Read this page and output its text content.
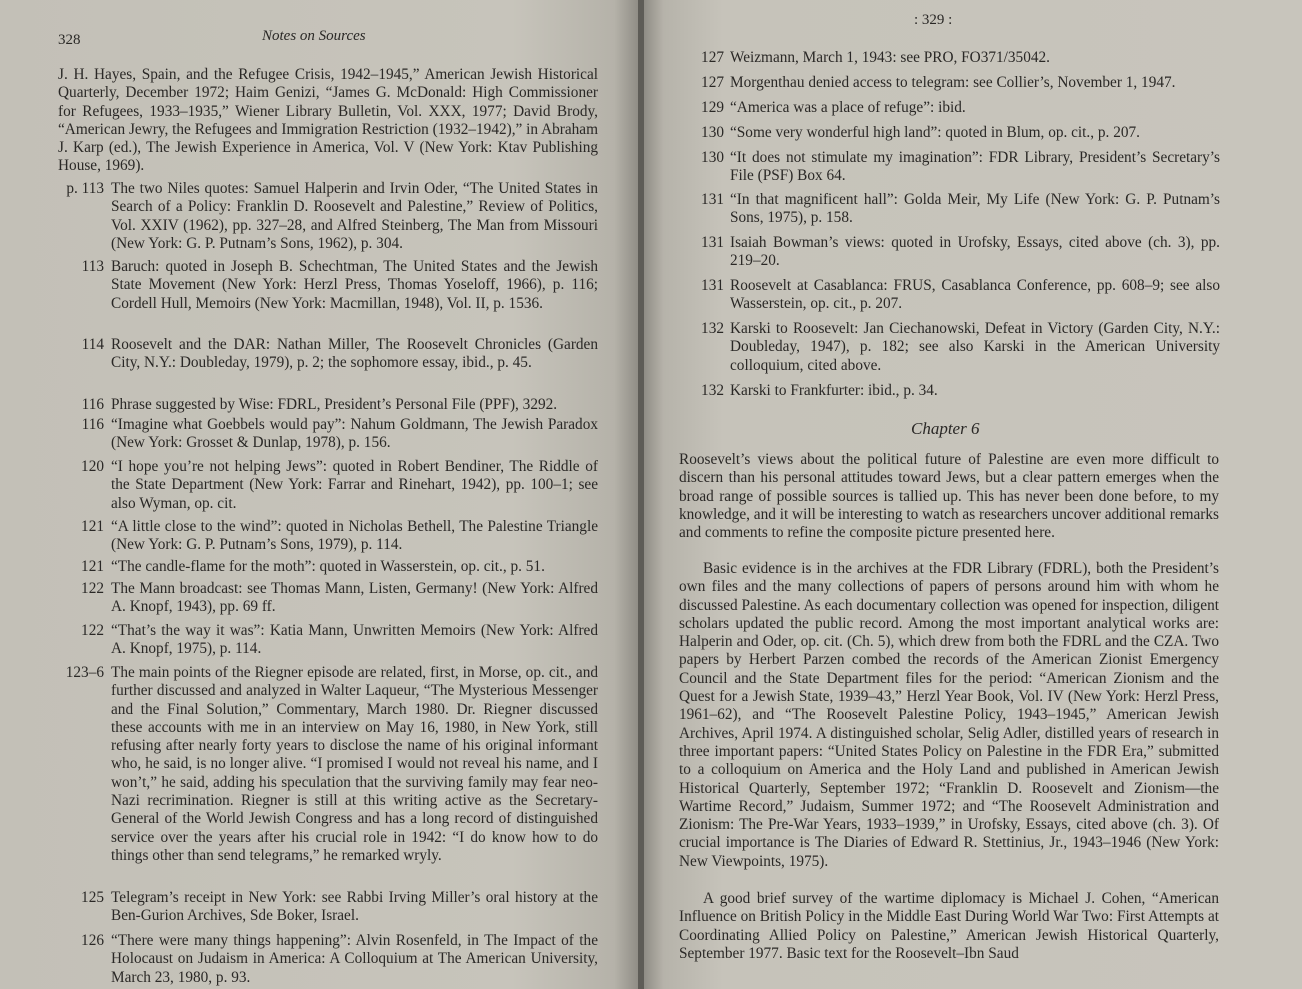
328	Notes on Sources
J. H. Hayes, Spain, and the Refugee Crisis, 1942–1945,” American Jewish Historical Quarterly, December 1972; Haim Genizi, “James G. McDonald: High Commissioner for Refugees, 1933–1935,” Wiener Library Bulletin, Vol. XXX, 1977; David Brody, “American Jewry, the Refugees and Immigration Restriction (1932–1942),” in Abraham J. Karp (ed.), The Jewish Experience in America, Vol. V (New York: Ktav Publishing House, 1969).
p. 113 The two Niles quotes: Samuel Halperin and Irvin Oder, “The United States in Search of a Policy: Franklin D. Roosevelt and Palestine,” Review of Politics, Vol. XXIV (1962), pp. 327–28, and Alfred Steinberg, The Man from Missouri (New York: G. P. Putnam’s Sons, 1962), p. 304.
113 Baruch: quoted in Joseph B. Schechtman, The United States and the Jewish State Movement (New York: Herzl Press, Thomas Yoseloff, 1966), p. 116; Cordell Hull, Memoirs (New York: Macmillan, 1948), Vol. II, p. 1536.
114 Roosevelt and the DAR: Nathan Miller, The Roosevelt Chronicles (Garden City, N.Y.: Doubleday, 1979), p. 2; the sophomore essay, ibid., p. 45.
116 Phrase suggested by Wise: FDRL, President’s Personal File (PPF), 3292.
116 “Imagine what Goebbels would pay”: Nahum Goldmann, The Jewish Paradox (New York: Grosset & Dunlap, 1978), p. 156.
120 “I hope you’re not helping Jews”: quoted in Robert Bendiner, The Riddle of the State Department (New York: Farrar and Rinehart, 1942), pp. 100–1; see also Wyman, op. cit.
121 “A little close to the wind”: quoted in Nicholas Bethell, The Palestine Triangle (New York: G. P. Putnam’s Sons, 1979), p. 114.
121 “The candle-flame for the moth”: quoted in Wasserstein, op. cit., p. 51.
122 The Mann broadcast: see Thomas Mann, Listen, Germany! (New York: Alfred A. Knopf, 1943), pp. 69 ff.
122 “That’s the way it was”: Katia Mann, Unwritten Memoirs (New York: Alfred A. Knopf, 1975), p. 114.
123–6 The main points of the Riegner episode are related, first, in Morse, op. cit., and further discussed and analyzed in Walter Laqueur, “The Mysterious Messenger and the Final Solution,” Commentary, March 1980. Dr. Riegner discussed these accounts with me in an interview on May 16, 1980, in New York, still refusing after nearly forty years to disclose the name of his original informant who, he said, is no longer alive. “I promised I would not reveal his name, and I won’t,” he said, adding his speculation that the surviving family may fear neo-Nazi recrimination. Riegner is still at this writing active as the Secretary-General of the World Jewish Congress and has a long record of distinguished service over the years after his crucial role in 1942: “I do know how to do things other than send telegrams,” he remarked wryly.
125 Telegram’s receipt in New York: see Rabbi Irving Miller’s oral history at the Ben-Gurion Archives, Sde Boker, Israel.
126 “There were many things happening”: Alvin Rosenfeld, in The Impact of the Holocaust on Judaism in America: A Colloquium at The American University, March 23, 1980, p. 93.
: 329 :
127 Weizmann, March 1, 1943: see PRO, FO371/35042.
127 Morgenthau denied access to telegram: see Collier’s, November 1, 1947.
129 “America was a place of refuge”: ibid.
130 “Some very wonderful high land”: quoted in Blum, op. cit., p. 207.
130 “It does not stimulate my imagination”: FDR Library, President’s Secretary’s File (PSF) Box 64.
131 “In that magnificent hall”: Golda Meir, My Life (New York: G. P. Putnam’s Sons, 1975), p. 158.
131 Isaiah Bowman’s views: quoted in Urofsky, Essays, cited above (ch. 3), pp. 219–20.
131 Roosevelt at Casablanca: FRUS, Casablanca Conference, pp. 608–9; see also Wasserstein, op. cit., p. 207.
132 Karski to Roosevelt: Jan Ciechanowski, Defeat in Victory (Garden City, N.Y.: Doubleday, 1947), p. 182; see also Karski in the American University colloquium, cited above.
132 Karski to Frankfurter: ibid., p. 34.
Chapter 6
Roosevelt’s views about the political future of Palestine are even more difficult to discern than his personal attitudes toward Jews, but a clear pattern emerges when the broad range of possible sources is tallied up. This has never been done before, to my knowledge, and it will be interesting to watch as researchers uncover additional remarks and comments to refine the composite picture presented here.
Basic evidence is in the archives at the FDR Library (FDRL), both the President’s own files and the many collections of papers of persons around him with whom he discussed Palestine. As each documentary collection was opened for inspection, diligent scholars updated the public record. Among the most important analytical works are: Halperin and Oder, op. cit. (Ch. 5), which drew from both the FDRL and the CZA. Two papers by Herbert Parzen combed the records of the American Zionist Emergency Council and the State Department files for the period: “American Zionism and the Quest for a Jewish State, 1939–43,” Herzl Year Book, Vol. IV (New York: Herzl Press, 1961–62), and “The Roosevelt Palestine Policy, 1943–1945,” American Jewish Archives, April 1974. A distinguished scholar, Selig Adler, distilled years of research in three important papers: “United States Policy on Palestine in the FDR Era,” submitted to a colloquium on America and the Holy Land and published in American Jewish Historical Quarterly, September 1972; “Franklin D. Roosevelt and Zionism—the Wartime Record,” Judaism, Summer 1972; and “The Roosevelt Administration and Zionism: The Pre-War Years, 1933–1939,” in Urofsky, Essays, cited above (ch. 3). Of crucial importance is The Diaries of Edward R. Stettinius, Jr., 1943–1946 (New York: New Viewpoints, 1975).
A good brief survey of the wartime diplomacy is Michael J. Cohen, “American Influence on British Policy in the Middle East During World War Two: First Attempts at Coordinating Allied Policy on Palestine,” American Jewish Historical Quarterly, September 1977. Basic text for the Roosevelt–Ibn Saud
